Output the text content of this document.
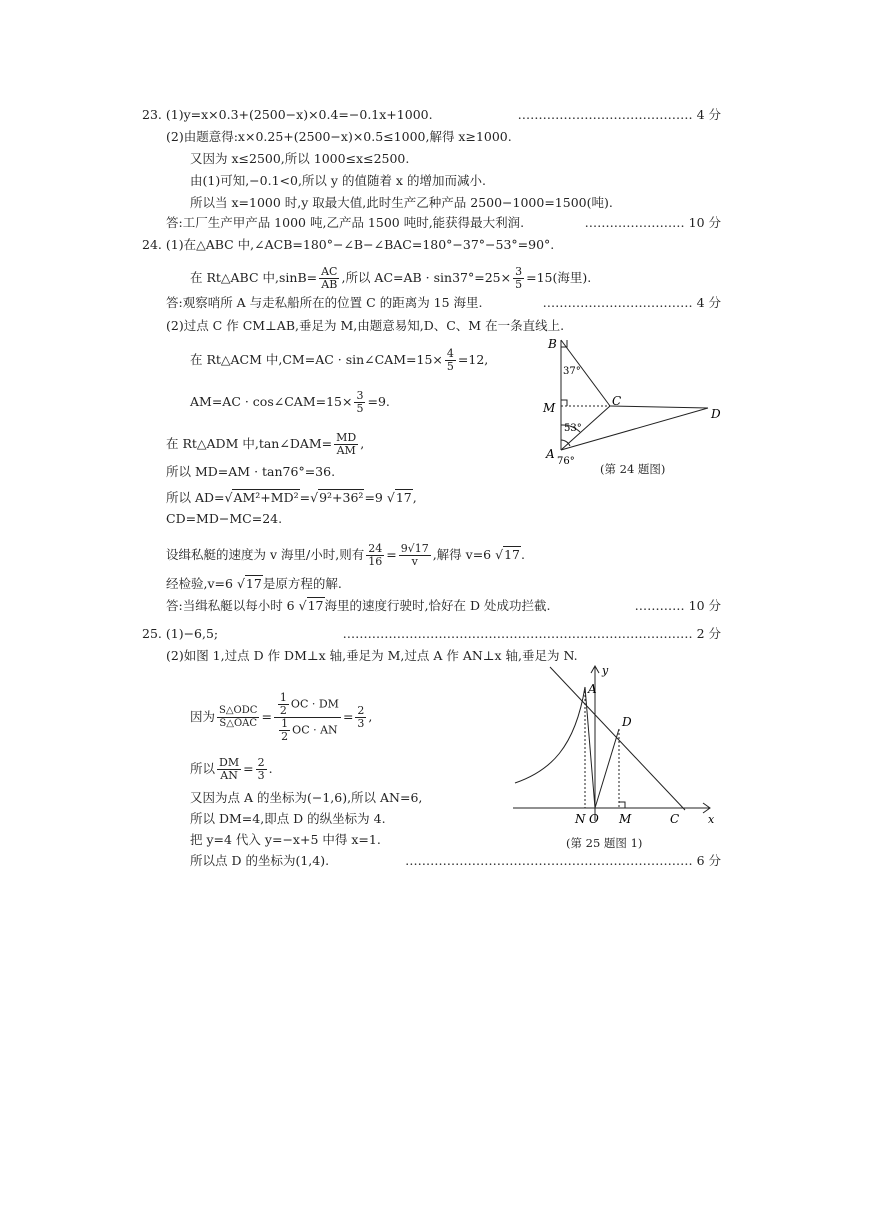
23. (1)y=x×0.3+(2500−x)×0.4=−0.1x+1000.	…………………………………… 4 分
(2)由题意得:x×0.25+(2500−x)×0.5≤1000,解得 x≥1000.
又因为 x≤2500,所以 1000≤x≤2500.
由(1)可知,−0.1<0,所以 y 的值随着 x 的增加而减小.
所以当 x=1000 时,y 取最大值,此时生产乙种产品 2500−1000=1500(吨).
答:工厂生产甲产品 1000 吨,乙产品 1500 吨时,能获得最大利润.	…………………… 10 分
24. (1)在△ABC 中,∠ACB=180°−∠B−∠BAC=180°−37°−53°=90°.
在 Rt△ABC 中$,\sin B= \frac{AC}{AB}$ ,所以 $AC=AB \cdot \sin 37^\circ=25\times \frac{3}{5} =15$(海里).
答:观察哨所 A 与走私船所在的位置 C 的距离为 15 海里.	……………………………… 4 分
(2)过点 C 作 CM⊥AB,垂足为 M,由题意易知,D、C、M 在一条直线上.
在 Rt△ACM 中,CM=AC · sin∠CAM=15× $\frac{4}{5} =12$,
AM=AC · cos∠CAM=15× $\frac{3}{5} =9$.
在 Rt△ADM 中,tan∠DAM= $\frac{MD}{AM}$ ,
所以 MD=AM · tan76°=36.
所以 AD=√AM²+MD²=√9²+36²=9 √17,
CD=MD−MC=24.
设缉私艇的速度为 v 海里/小时,则有 $\frac{24}{16} = \frac{9√17}{v}$ ,解得 v=6 √17.
经检验,v=6 √17是原方程的解.
答:当缉私艇以每小时 6 √17海里的速度行驶时,恰好在 D 处成功拦截.	………… 10 分
B
A
M	C
D
37°
53°
76°
(第 24 题图)
25. (1)−6,5;	………………………………………………………………………… 2 分
(2)如图 1,过点 D 作 DM⊥x 轴,垂足为 M,过点 A 作 AN⊥x 轴,垂足为 N.
因为 $\frac{\text{S△ODC}}{\text{S△OAC}} = \frac{\frac{1}{2} OC \cdot DM}{\frac{1}{2} OC \cdot AN} = \frac{2}{3}$ ,
所以 $\frac{DM}{AN} = \frac{2}{3}$ .
又因为点 A 的坐标为(−1,6),所以 AN=6,
所以 DM=4,即点 D 的纵坐标为 4.
把 y=4 代入 y=−x+5 中得 x=1.
所以点 D 的坐标为(1,4).	…………………………………………………………… 6 分
A
D
y
x
N O M	C
(第 25 题图 1)
